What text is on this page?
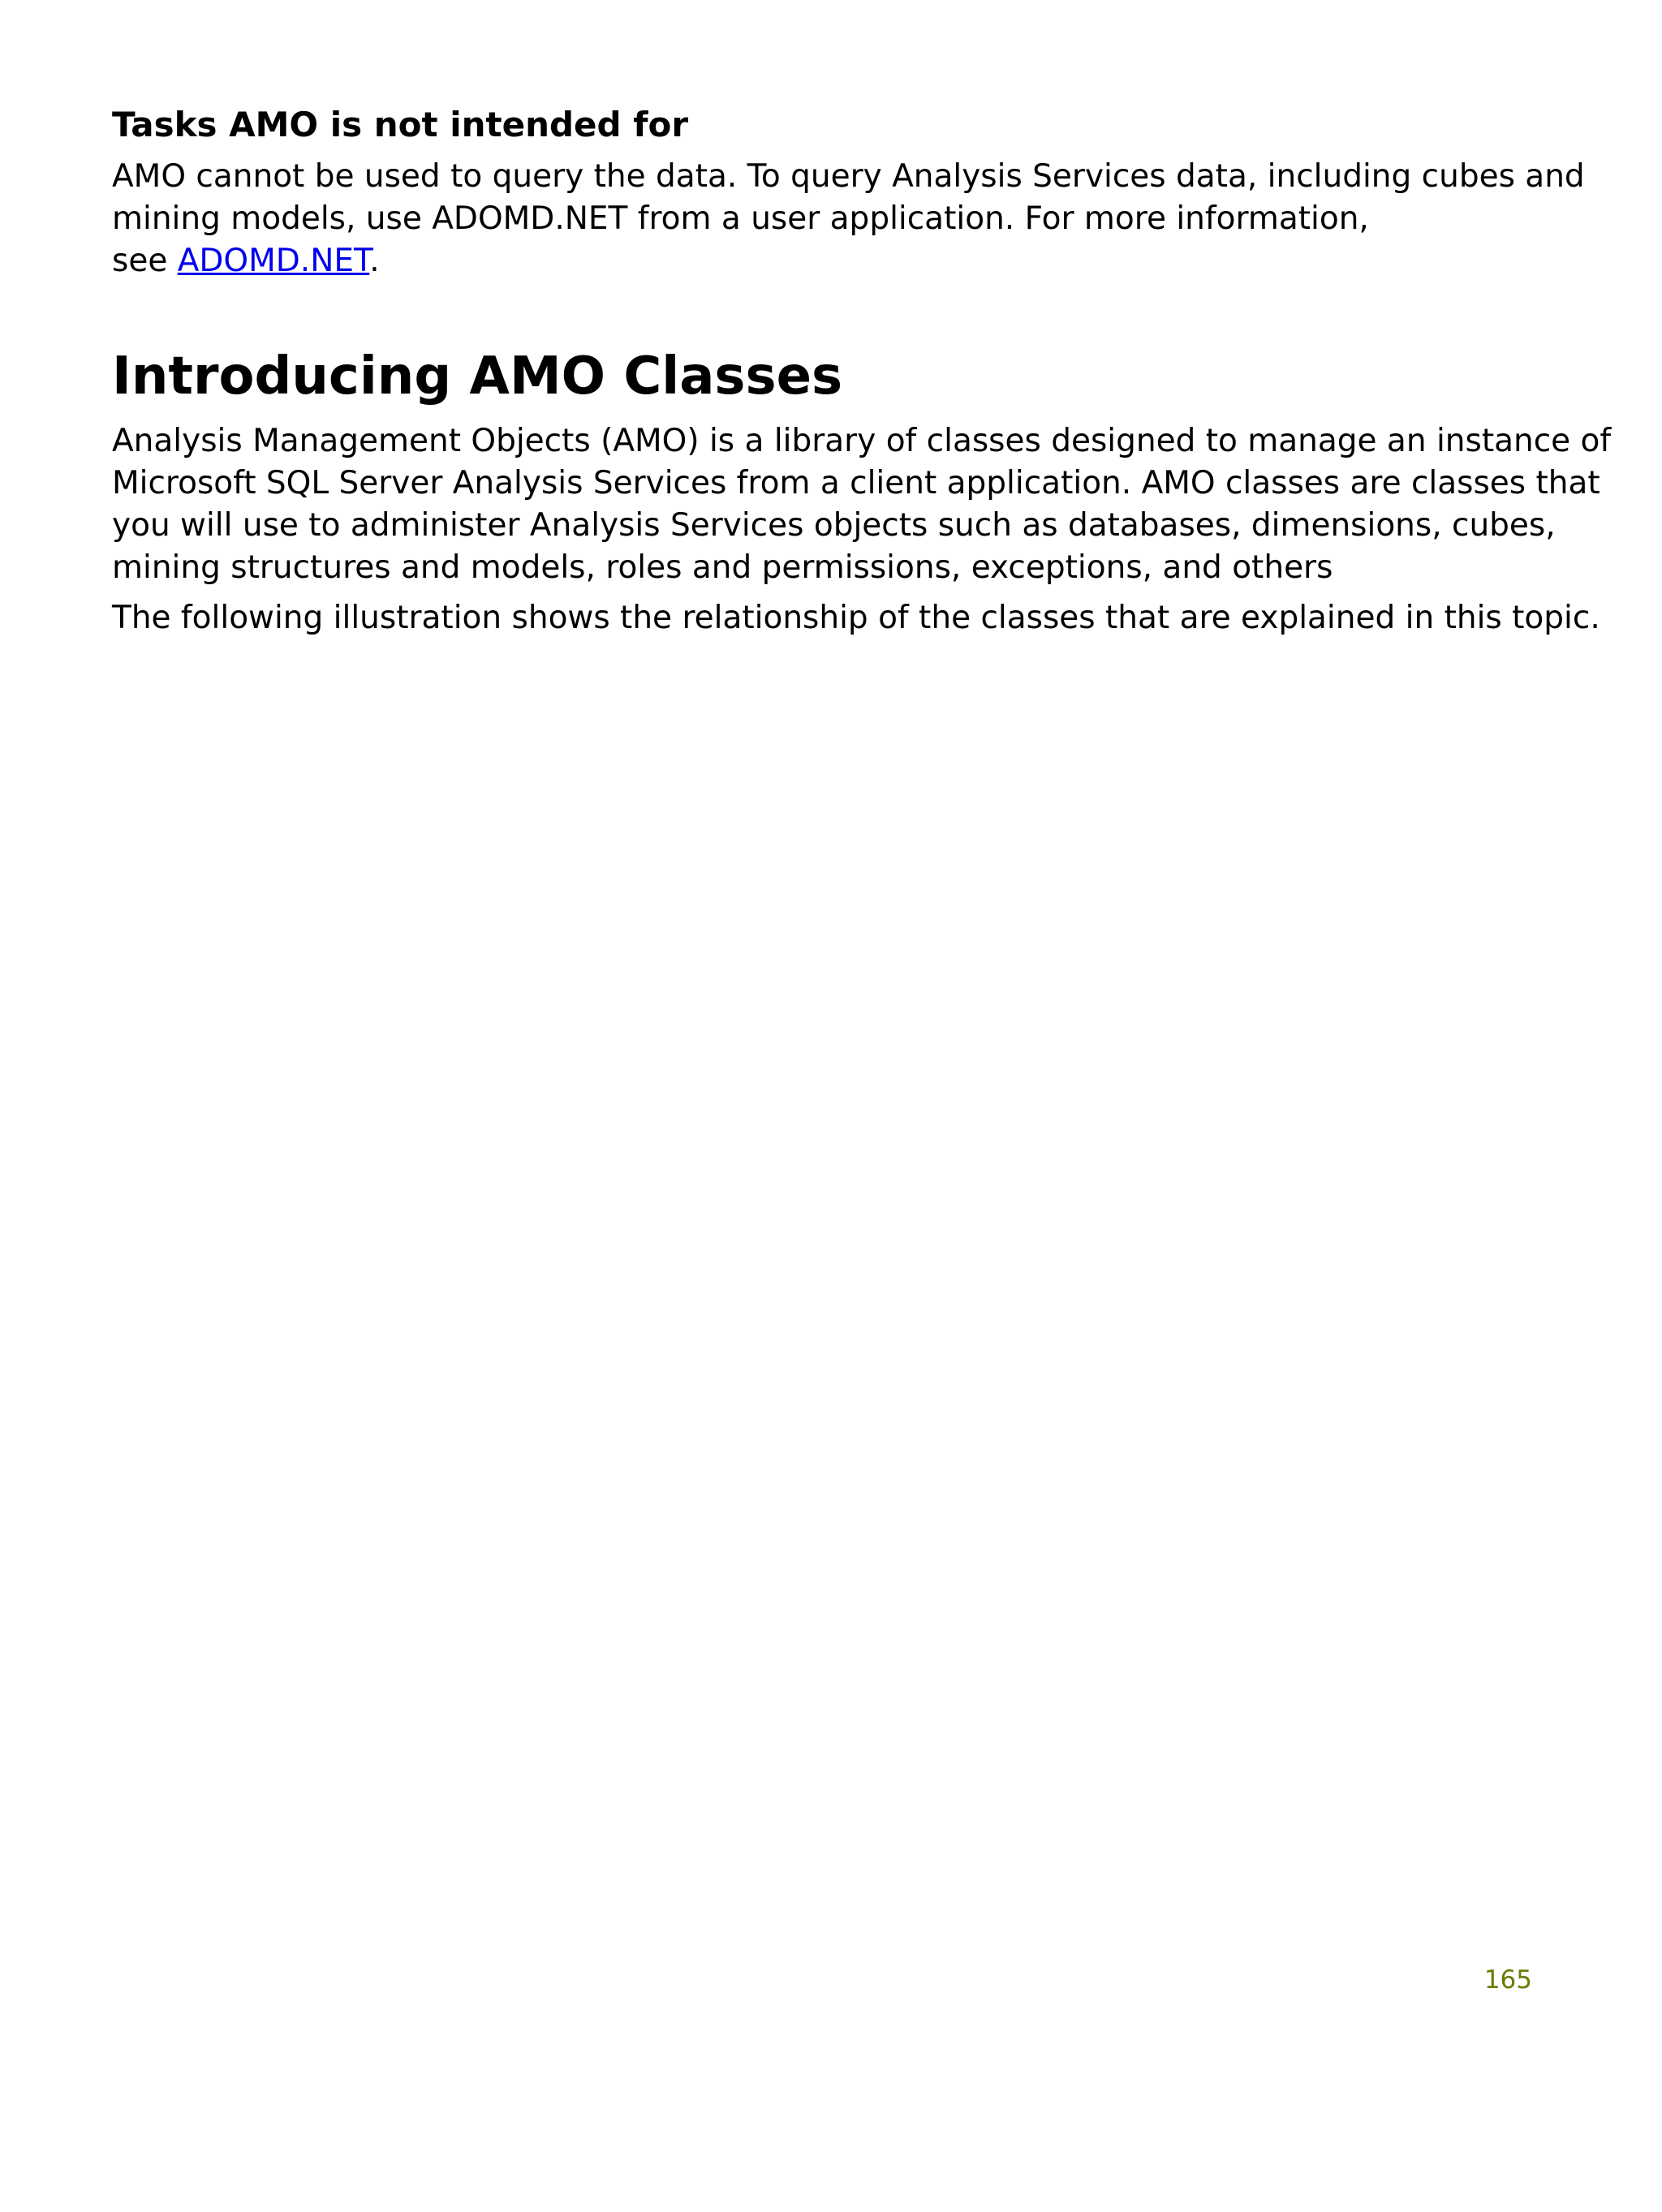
Tasks AMO is not intended for

AMO cannot be used to query the data. To query Analysis Services data, including cubes and
mining models, use ADOMD.NET from a user application. For more information,
see ADOMD.NET.

Introducing AMO Classes

Analysis Management Objects (AMO) is a library of classes designed to manage an instance of
Microsoft SQL Server Analysis Services from a client application. AMO classes are classes that
you will use to administer Analysis Services objects such as databases, dimensions, cubes,
mining structures and models, roles and permissions, exceptions, and others

The following illustration shows the relationship of the classes that are explained in this topic.

165
